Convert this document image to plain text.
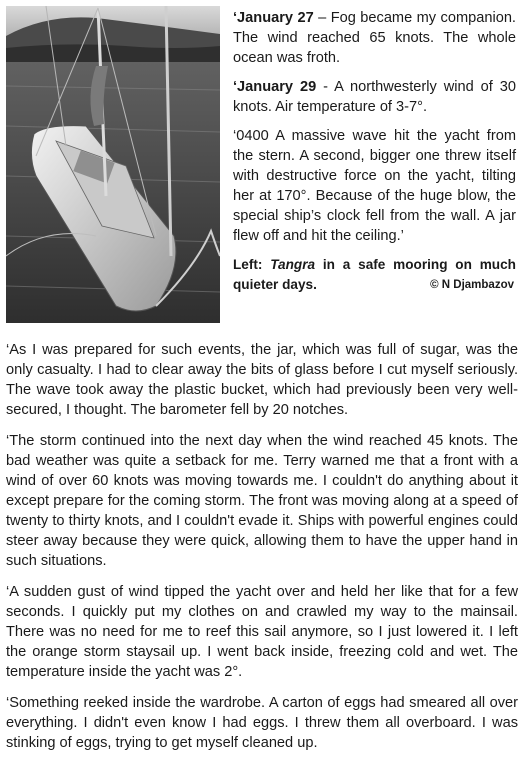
‘January 27 – Fog became my companion. The wind reached 65 knots. The whole ocean was froth.

‘January 29 - A northwesterly wind of 30 knots. Air temperature of 3-7°.

‘0400 A massive wave hit the yacht from the stern. A second, bigger one threw itself with destructive force on the yacht, tilting her at 170°. Because of the huge blow, the special ship’s clock fell from the wall. A jar flew off and hit the ceiling.’

Left: Tangra in a safe mooring on much quieter days.	© N Djambazov

‘As I was prepared for such events, the jar, which was full of sugar, was the only casualty. I had to clear away the bits of glass before I cut myself seriously. The wave took away the plastic bucket, which had previously been very well-secured, I thought. The barometer fell by 20 notches.

‘The storm continued into the next day when the wind reached 45 knots. The bad weather was quite a setback for me. Terry warned me that a front with a wind of over 60 knots was moving towards me. I couldn't do anything about it except prepare for the coming storm. The front was moving along at a speed of twenty to thirty knots, and I couldn't evade it. Ships with powerful engines could steer away because they were quick, allowing them to have the upper hand in such situations.

‘A sudden gust of wind tipped the yacht over and held her like that for a few seconds. I quickly put my clothes on and crawled my way to the mainsail. There was no need for me to reef this sail anymore, so I just lowered it. I left the orange storm staysail up. I went back inside, freezing cold and wet. The temperature inside the yacht was 2°.

‘Something reeked inside the wardrobe. A carton of eggs had smeared all over everything. I didn't even know I had eggs. I threw them all overboard. I was stinking of eggs, trying to get myself cleaned up.
